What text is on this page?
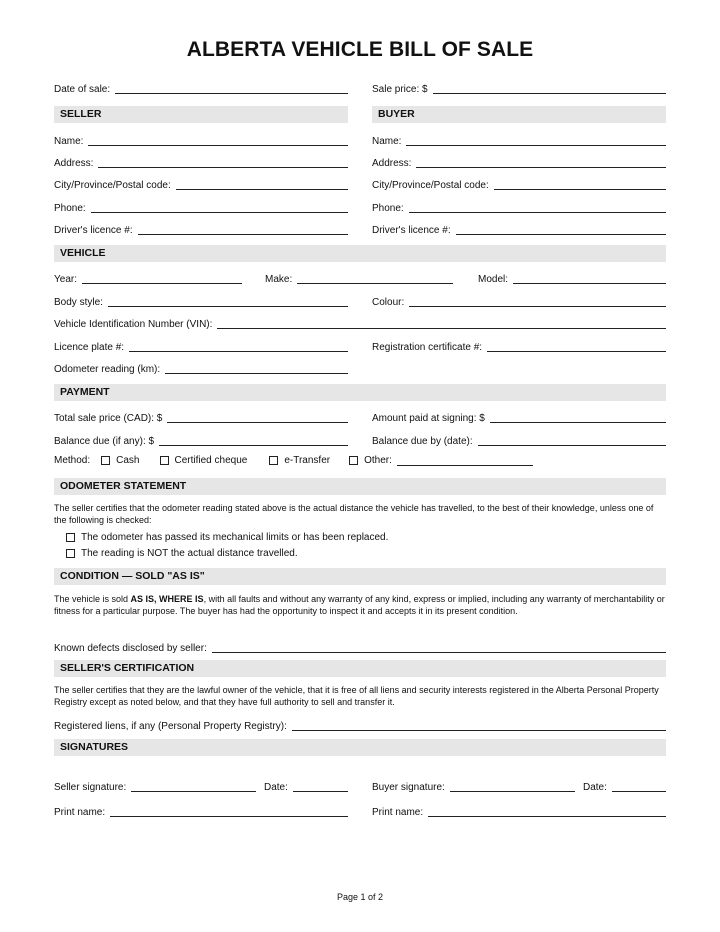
ALBERTA VEHICLE BILL OF SALE
Date of sale:	Sale price: $
SELLER	BUYER
Name:	Name:
Address:	Address:
City/Province/Postal code:	City/Province/Postal code:
Phone:	Phone:
Driver's licence #:	Driver's licence #:
VEHICLE
Year:	Make:	Model:
Body style:	Colour:
Vehicle Identification Number (VIN):
Licence plate #:	Registration certificate #:
Odometer reading (km):
PAYMENT
Total sale price (CAD): $	Amount paid at signing: $
Balance due (if any): $	Balance due by (date):
Method:	Cash	Certified cheque	e-Transfer	Other:
ODOMETER STATEMENT
The seller certifies that the odometer reading stated above is the actual distance the vehicle has travelled, to the best of their knowledge, unless one of the following is checked:
The odometer has passed its mechanical limits or has been replaced.
The reading is NOT the actual distance travelled.
CONDITION — SOLD "AS IS"
The vehicle is sold AS IS, WHERE IS, with all faults and without any warranty of any kind, express or implied, including any warranty of merchantability or fitness for a particular purpose. The buyer has had the opportunity to inspect it and accepts it in its present condition.
Known defects disclosed by seller:
SELLER'S CERTIFICATION
The seller certifies that they are the lawful owner of the vehicle, that it is free of all liens and security interests registered in the Alberta Personal Property Registry except as noted below, and that they have full authority to sell and transfer it.
Registered liens, if any (Personal Property Registry):
SIGNATURES
Seller signature:	Date:	Buyer signature:	Date:
Print name:	Print name:
Page 1 of 2
